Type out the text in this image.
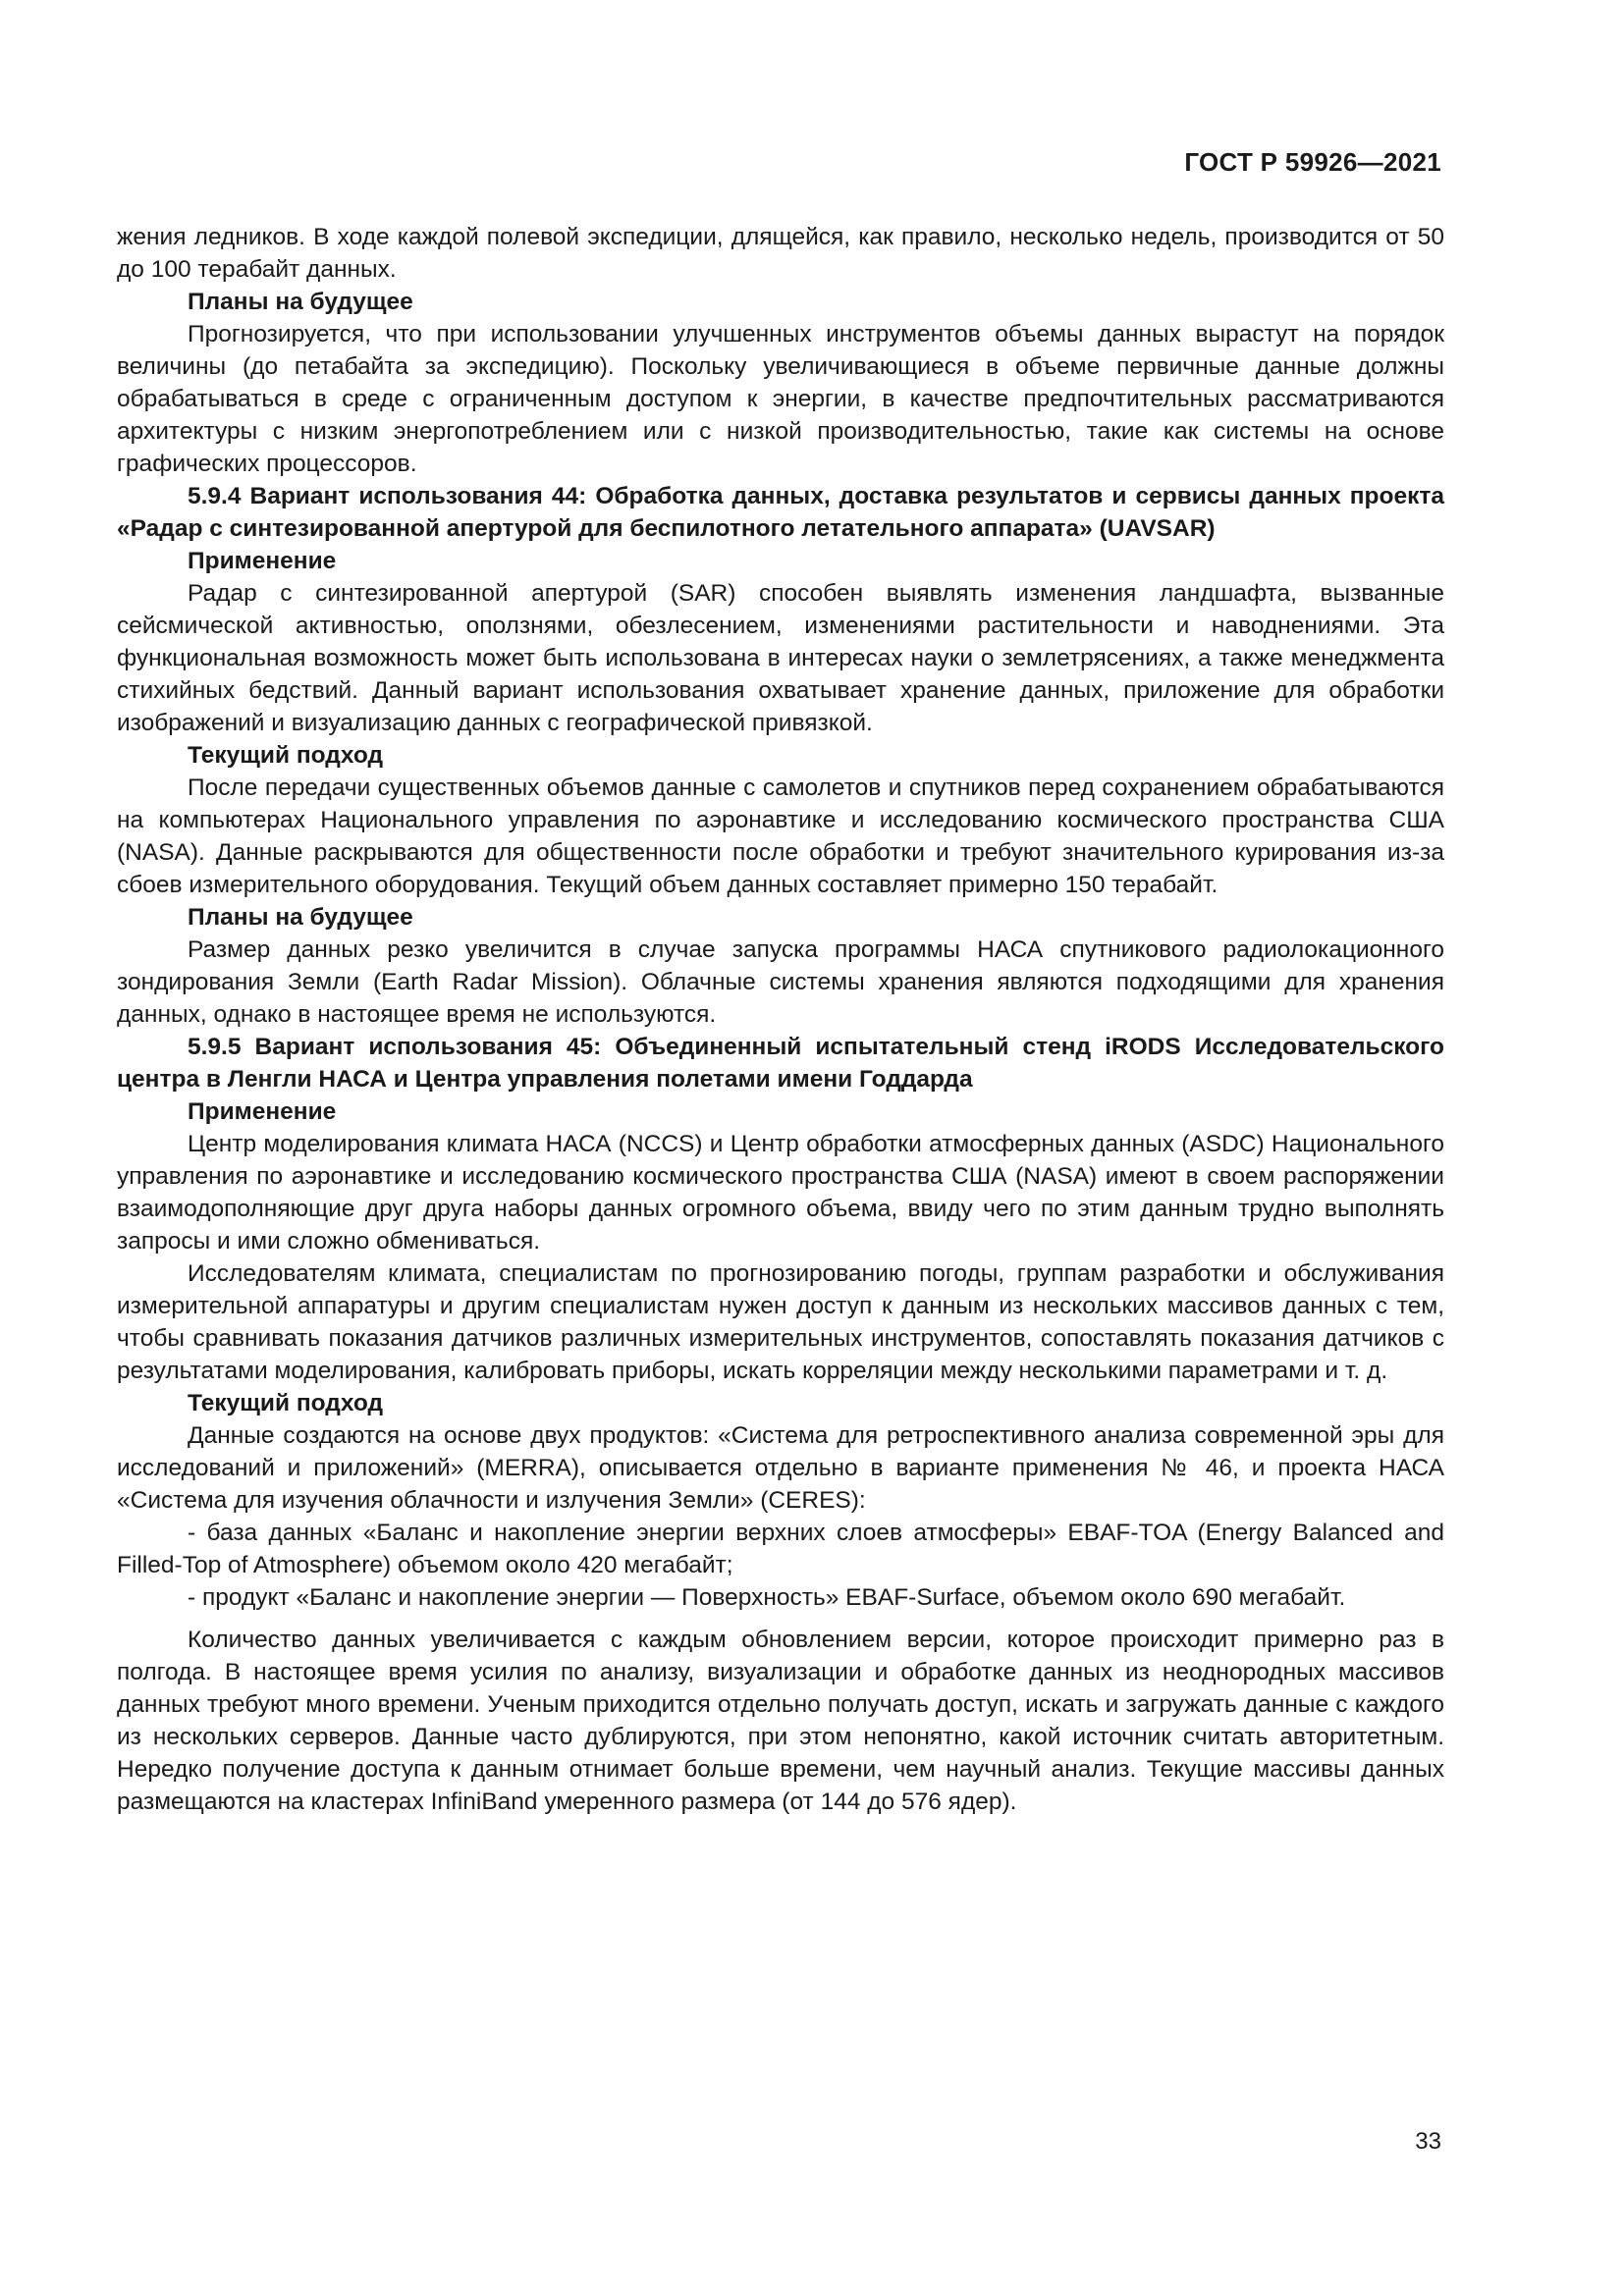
ГОСТ Р 59926—2021

жения ледников. В ходе каждой полевой экспедиции, длящейся, как правило, несколько недель, производится от 50 до 100 терабайт данных.

Планы на будущее

Прогнозируется, что при использовании улучшенных инструментов объемы данных вырастут на порядок величины (до петабайта за экспедицию). Поскольку увеличивающиеся в объеме первичные данные должны обрабатываться в среде с ограниченным доступом к энергии, в качестве предпочтительных рассматриваются архитектуры с низким энергопотреблением или с низкой производительностью, такие как системы на основе графических процессоров.

5.9.4 Вариант использования 44: Обработка данных, доставка результатов и сервисы данных проекта «Радар с синтезированной апертурой для беспилотного летательного аппарата» (UAVSAR)

Применение

Радар с синтезированной апертурой (SAR) способен выявлять изменения ландшафта, вызванные сейсмической активностью, оползнями, обезлесением, изменениями растительности и наводнениями. Эта функциональная возможность может быть использована в интересах науки о землетрясениях, а также менеджмента стихийных бедствий. Данный вариант использования охватывает хранение данных, приложение для обработки изображений и визуализацию данных с географической привязкой.

Текущий подход

После передачи существенных объемов данные с самолетов и спутников перед сохранением обрабатываются на компьютерах Национального управления по аэронавтике и исследованию космического пространства США (NASA). Данные раскрываются для общественности после обработки и требуют значительного курирования из-за сбоев измерительного оборудования. Текущий объем данных составляет примерно 150 терабайт.

Планы на будущее

Размер данных резко увеличится в случае запуска программы НАСА спутникового радиолокационного зондирования Земли (Earth Radar Mission). Облачные системы хранения являются подходящими для хранения данных, однако в настоящее время не используются.

5.9.5 Вариант использования 45: Объединенный испытательный стенд iRODS Исследовательского центра в Ленгли НАСА и Центра управления полетами имени Годдарда

Применение

Центр моделирования климата НАСА (NCCS) и Центр обработки атмосферных данных (ASDC) Национального управления по аэронавтике и исследованию космического пространства США (NASA) имеют в своем распоряжении взаимодополняющие друг друга наборы данных огромного объема, ввиду чего по этим данным трудно выполнять запросы и ими сложно обмениваться.

Исследователям климата, специалистам по прогнозированию погоды, группам разработки и обслуживания измерительной аппаратуры и другим специалистам нужен доступ к данным из нескольких массивов данных с тем, чтобы сравнивать показания датчиков различных измерительных инструментов, сопоставлять показания датчиков с результатами моделирования, калибровать приборы, искать корреляции между несколькими параметрами и т. д.

Текущий подход

Данные создаются на основе двух продуктов: «Система для ретроспективного анализа современной эры для исследований и приложений» (MERRA), описывается отдельно в варианте применения № 46, и проекта НАСА «Система для изучения облачности и излучения Земли» (CERES):

- база данных «Баланс и накопление энергии верхних слоев атмосферы» EBAF-TOA (Energy Balanced and Filled-Top of Atmosphere) объемом около 420 мегабайт;

- продукт «Баланс и накопление энергии — Поверхность» EBAF-Surface, объемом около 690 мегабайт.

Количество данных увеличивается с каждым обновлением версии, которое происходит примерно раз в полгода. В настоящее время усилия по анализу, визуализации и обработке данных из неоднородных массивов данных требуют много времени. Ученым приходится отдельно получать доступ, искать и загружать данные с каждого из нескольких серверов. Данные часто дублируются, при этом непонятно, какой источник считать авторитетным. Нередко получение доступа к данным отнимает больше времени, чем научный анализ. Текущие массивы данных размещаются на кластерах InfiniBand умеренного размера (от 144 до 576 ядер).

33
